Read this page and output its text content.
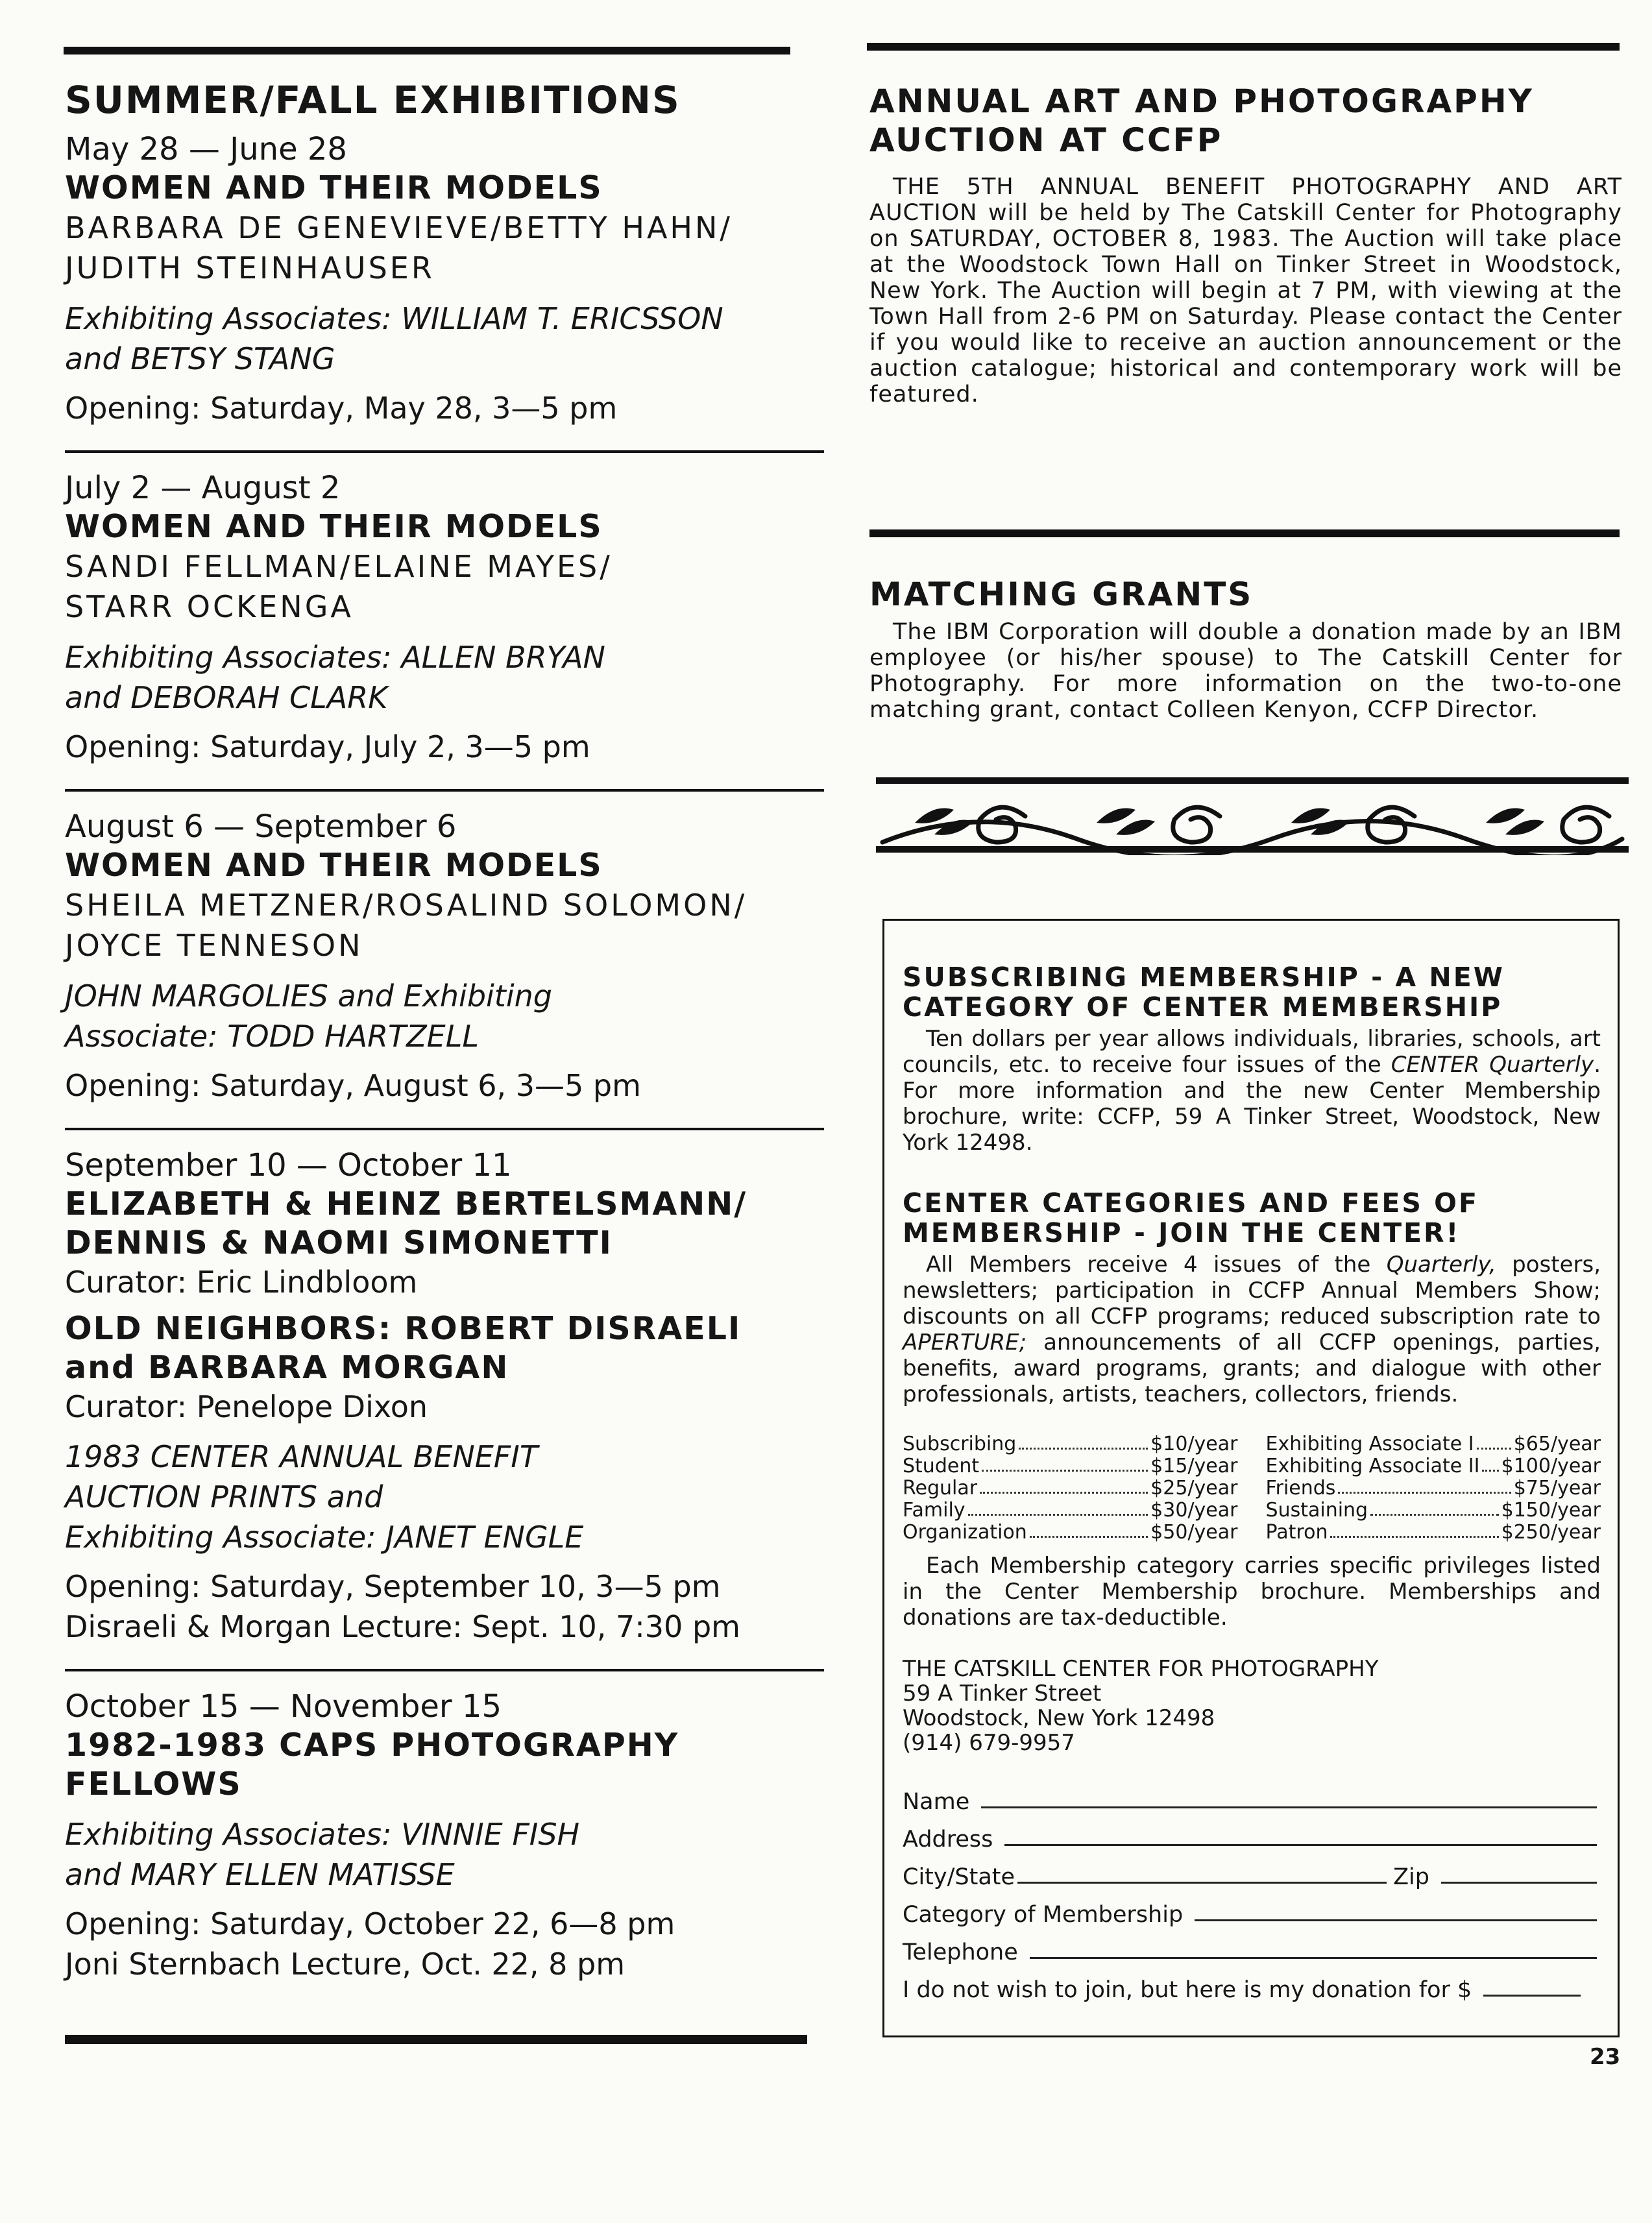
SUMMER/FALL EXHIBITIONS
May 28 — June 28
WOMEN AND THEIR MODELS
BARBARA DE GENEVIEVE/BETTY HAHN/
JUDITH STEINHAUSER
Exhibiting Associates: WILLIAM T. ERICSSON
and BETSY STANG
Opening: Saturday, May 28, 3—5 pm
July 2 — August 2
WOMEN AND THEIR MODELS
SANDI FELLMAN/ELAINE MAYES/
STARR OCKENGA
Exhibiting Associates: ALLEN BRYAN
and DEBORAH CLARK
Opening: Saturday, July 2, 3—5 pm
August 6 — September 6
WOMEN AND THEIR MODELS
SHEILA METZNER/ROSALIND SOLOMON/
JOYCE TENNESON
JOHN MARGOLIES and Exhibiting
Associate: TODD HARTZELL
Opening: Saturday, August 6, 3—5 pm
September 10 — October 11
ELIZABETH & HEINZ BERTELSMANN/
DENNIS & NAOMI SIMONETTI
Curator: Eric Lindbloom
OLD NEIGHBORS: ROBERT DISRAELI
and BARBARA MORGAN
Curator: Penelope Dixon
1983 CENTER ANNUAL BENEFIT
AUCTION PRINTS and
Exhibiting Associate: JANET ENGLE
Opening: Saturday, September 10, 3—5 pm
Disraeli & Morgan Lecture: Sept. 10, 7:30 pm
October 15 — November 15
1982-1983 CAPS PHOTOGRAPHY FELLOWS
Exhibiting Associates: VINNIE FISH
and MARY ELLEN MATISSE
Opening: Saturday, October 22, 6—8 pm
Joni Sternbach Lecture, Oct. 22, 8 pm
ANNUAL ART AND PHOTOGRAPHY
AUCTION AT CCFP
THE 5TH ANNUAL BENEFIT PHOTOGRAPHY AND ART AUCTION will be held by The Catskill Center for Photography on SATURDAY, OCTOBER 8, 1983. The Auction will take place at the Woodstock Town Hall on Tinker Street in Woodstock, New York. The Auction will begin at 7 PM, with viewing at the Town Hall from 2-6 PM on Saturday. Please contact the Center if you would like to receive an auction announcement or the auction catalogue; historical and contemporary work will be featured.
MATCHING GRANTS
The IBM Corporation will double a donation made by an IBM employee (or his/her spouse) to The Catskill Center for Photography. For more information on the two-to-one matching grant, contact Colleen Kenyon, CCFP Director.
SUBSCRIBING MEMBERSHIP - A NEW
CATEGORY OF CENTER MEMBERSHIP
Ten dollars per year allows individuals, libraries, schools, art councils, etc. to receive four issues of the CENTER Quarterly. For more information and the new Center Membership brochure, write: CCFP, 59 A Tinker Street, Woodstock, New York 12498.
CENTER CATEGORIES AND FEES OF
MEMBERSHIP - JOIN THE CENTER!
All Members receive 4 issues of the Quarterly, posters, newsletters; participation in CCFP Annual Members Show; discounts on all CCFP programs; reduced subscription rate to APERTURE; announcements of all CCFP openings, parties, benefits, award programs, grants; and dialogue with other professionals, artists, teachers, collectors, friends.
Subscribing	$10/year
Student	$15/year
Regular	$25/year
Family	$30/year
Organization	$50/year
Exhibiting Associate I $65/year
Exhibiting Associate II $100/year
Friends	$75/year
Sustaining	$150/year
Patron	$250/year
Each Membership category carries specific privileges listed in the Center Membership brochure. Memberships and donations are tax-deductible.
THE CATSKILL CENTER FOR PHOTOGRAPHY
59 A Tinker Street
Woodstock, New York 12498
(914) 679-9957
Name
Address
City/State	Zip
Category of Membership
Telephone
I do not wish to join, but here is my donation for $
23
